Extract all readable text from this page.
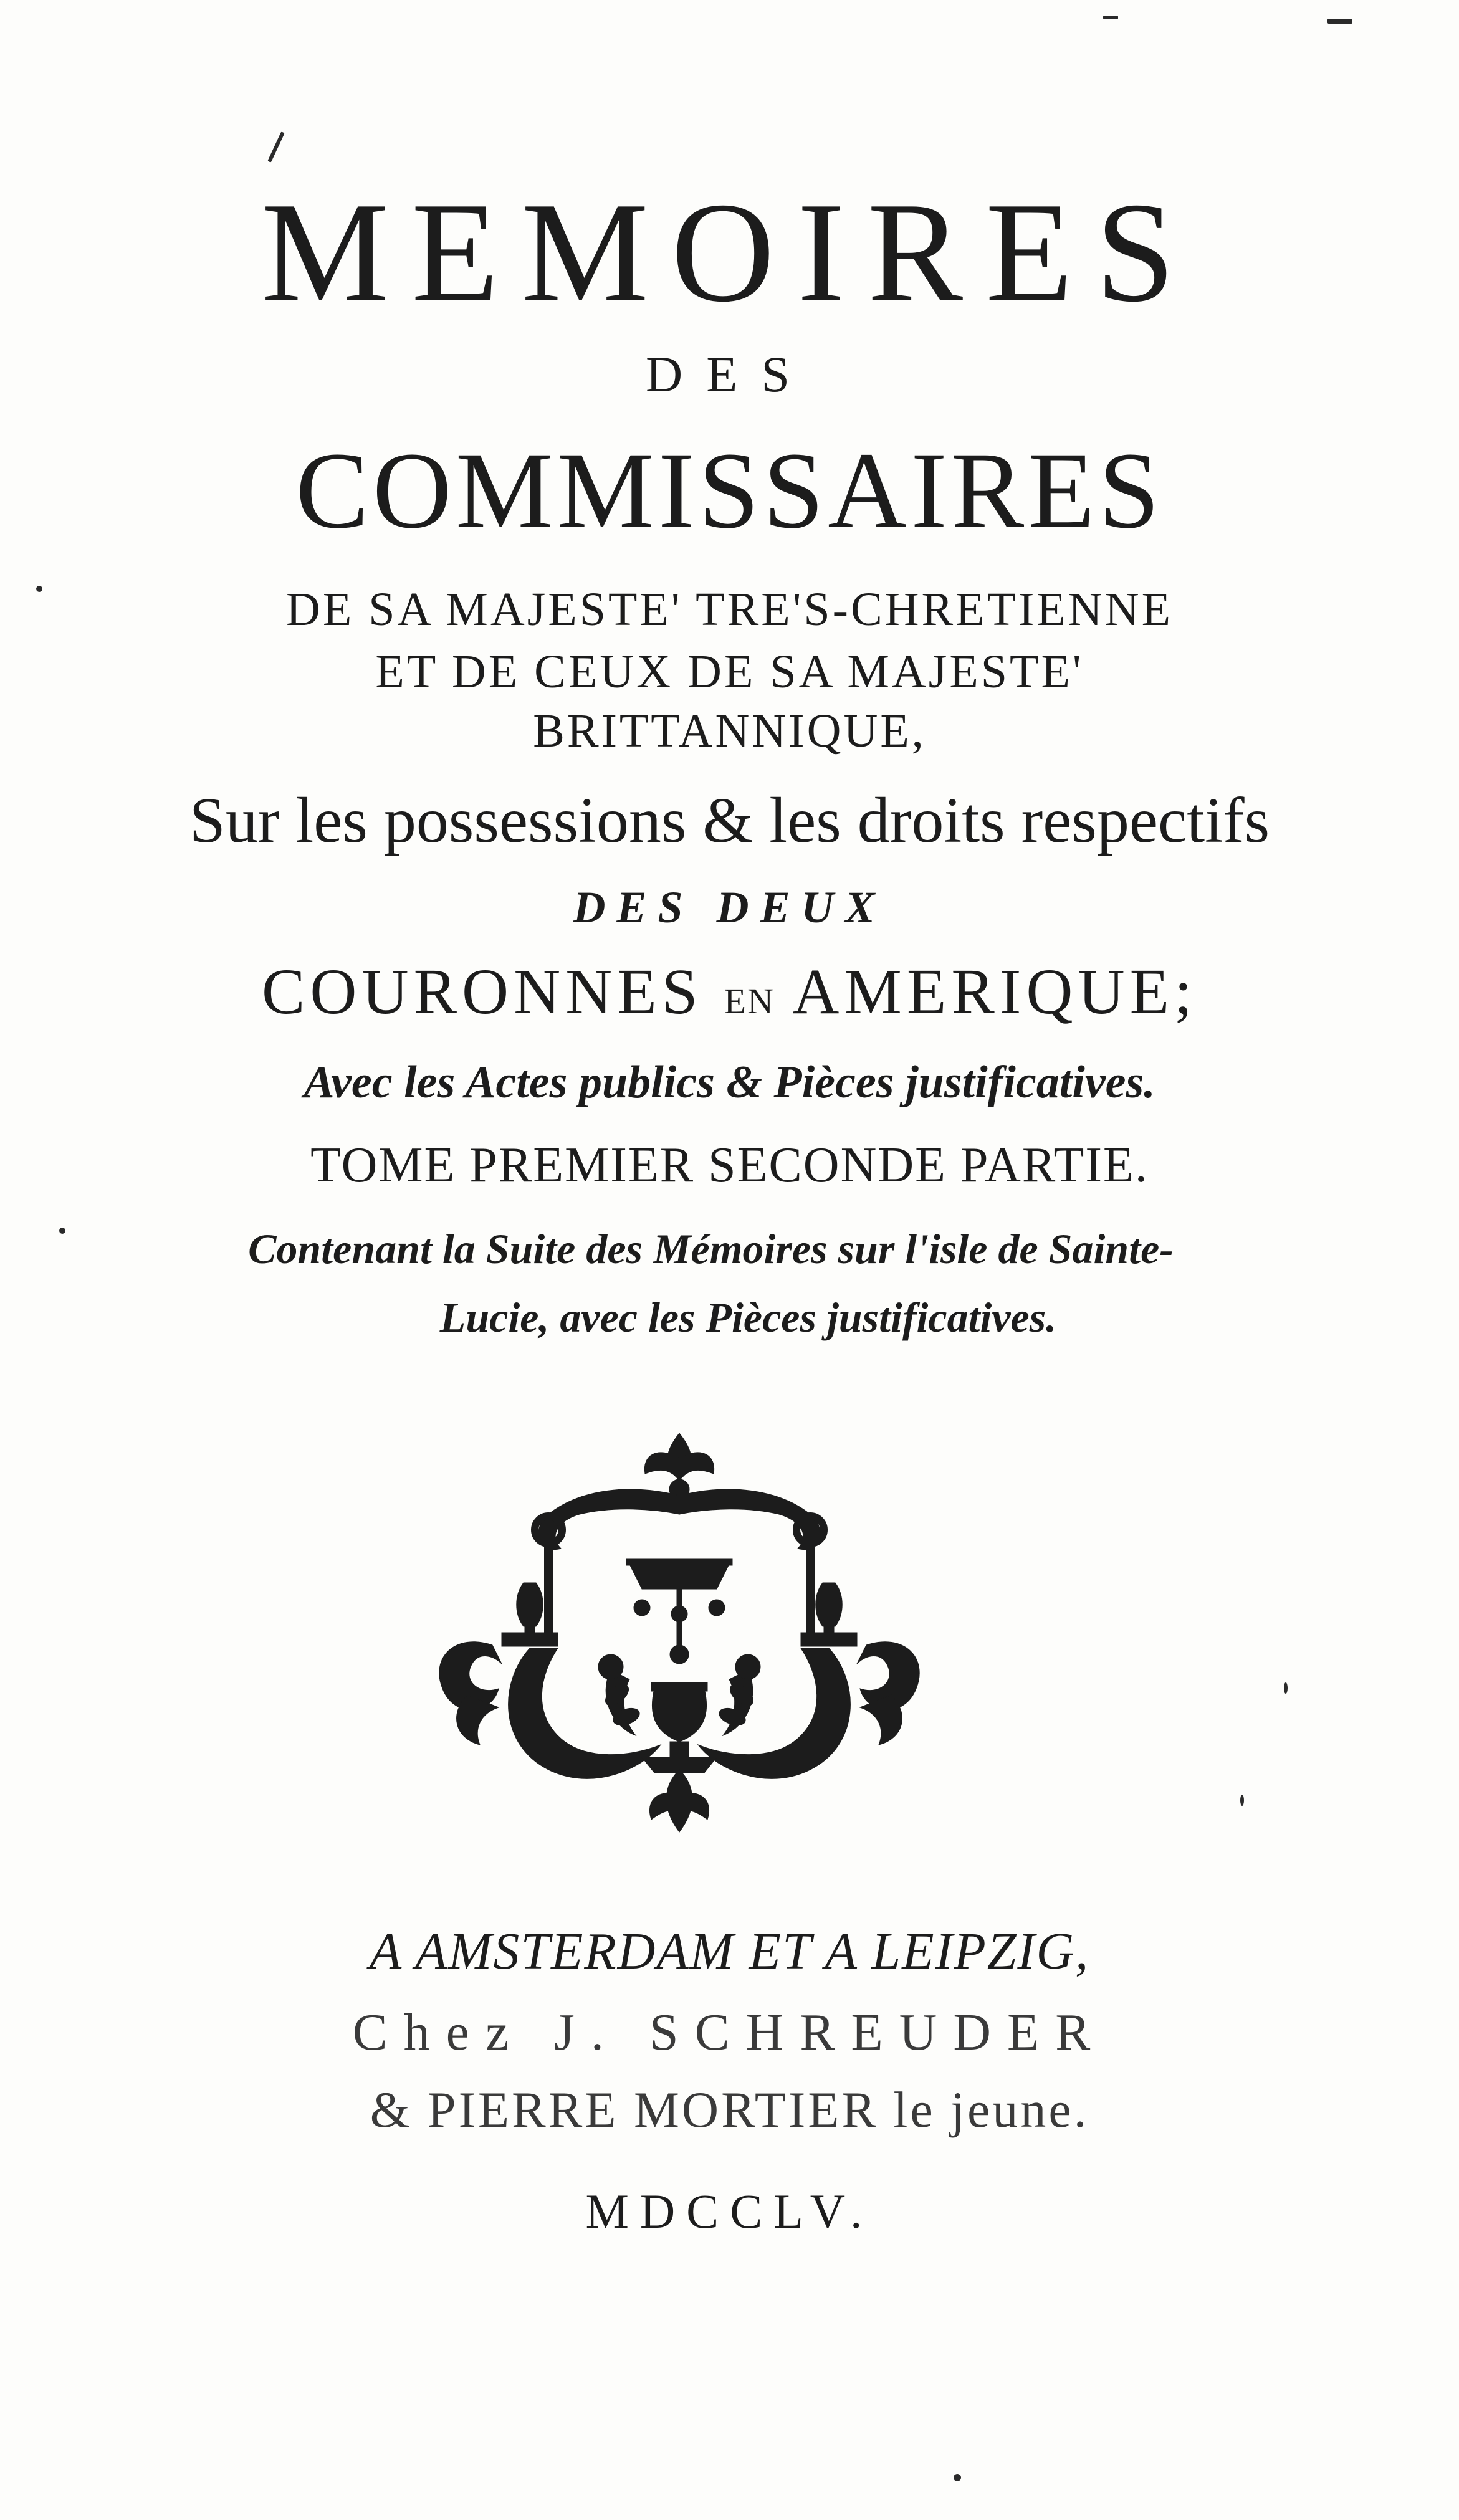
MEMOIRES
DES
COMMISSAIRES
DE SA MAJESTE' TRE'S-CHRETIENNE
ET DE CEUX DE SA MAJESTE'
BRITTANNIQUE,
Sur les possessions & les droits respectifs
DES DEUX
COURONNES EN AMERIQUE;
Avec les Actes publics & Pièces justificatives.
TOME PREMIER SECONDE PARTIE.
Contenant la Suite des Mémoires sur l'isle de Sainte-
Lucie, avec les Pièces justificatives.
A AMSTERDAM ET A LEIPZIG,
Chez J. SCHREUDER
& PIERRE MORTIER le jeune.
MDCCLV.
